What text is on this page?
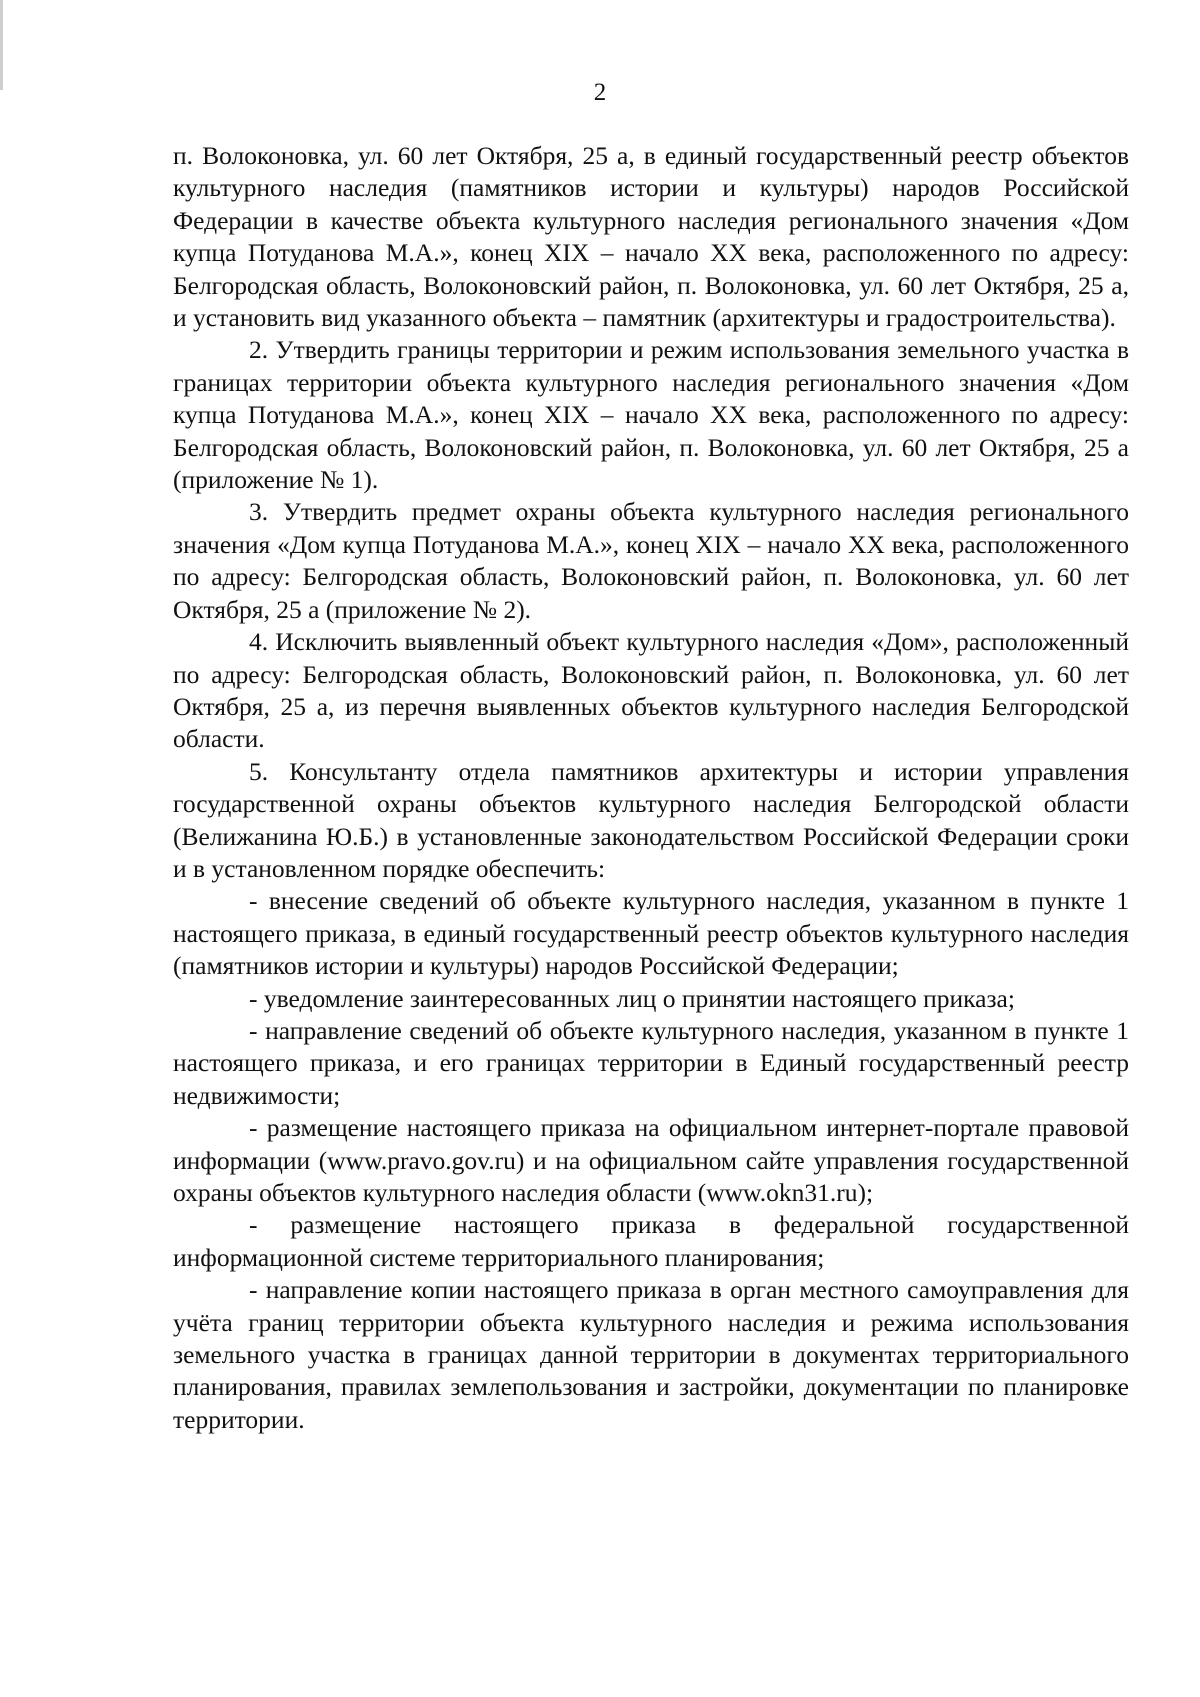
2

п. Волоконовка, ул. 60 лет Октября, 25 а, в единый государственный реестр объектов культурного наследия (памятников истории и культуры) народов Российской Федерации в качестве объекта культурного наследия регионального значения «Дом купца Потуданова М.А.», конец XIX – начало XX века, расположенного по адресу: Белгородская область, Волоконовский район, п. Волоконовка, ул. 60 лет Октября, 25 а, и установить вид указанного объекта – памятник (архитектуры и градостроительства).

2. Утвердить границы территории и режим использования земельного участка в границах территории объекта культурного наследия регионального значения «Дом купца Потуданова М.А.», конец XIX – начало XX века, расположенного по адресу: Белгородская область, Волоконовский район, п. Волоконовка, ул. 60 лет Октября, 25 а (приложение № 1).

3. Утвердить предмет охраны объекта культурного наследия регионального значения «Дом купца Потуданова М.А.», конец XIX – начало XX века, расположенного по адресу: Белгородская область, Волоконовский район, п. Волоконовка, ул. 60 лет Октября, 25 а (приложение № 2).

4. Исключить выявленный объект культурного наследия «Дом», расположенный по адресу: Белгородская область, Волоконовский район, п. Волоконовка, ул. 60 лет Октября, 25 а, из перечня выявленных объектов культурного наследия Белгородской области.

5. Консультанту отдела памятников архитектуры и истории управления государственной охраны объектов культурного наследия Белгородской области (Велижанина Ю.Б.) в установленные законодательством Российской Федерации сроки и в установленном порядке обеспечить:

- внесение сведений об объекте культурного наследия, указанном в пункте 1 настоящего приказа, в единый государственный реестр объектов культурного наследия (памятников истории и культуры) народов Российской Федерации;

- уведомление заинтересованных лиц о принятии настоящего приказа;

- направление сведений об объекте культурного наследия, указанном в пункте 1 настоящего приказа, и его границах территории в Единый государственный реестр недвижимости;

- размещение настоящего приказа на официальном интернет-портале правовой информации (www.pravo.gov.ru) и на официальном сайте управления государственной охраны объектов культурного наследия области (www.okn31.ru);

- размещение настоящего приказа в федеральной государственной информационной системе территориального планирования;

- направление копии настоящего приказа в орган местного самоуправления для учёта границ территории объекта культурного наследия и режима использования земельного участка в границах данной территории в документах территориального планирования, правилах землепользования и застройки, документации по планировке территории.
